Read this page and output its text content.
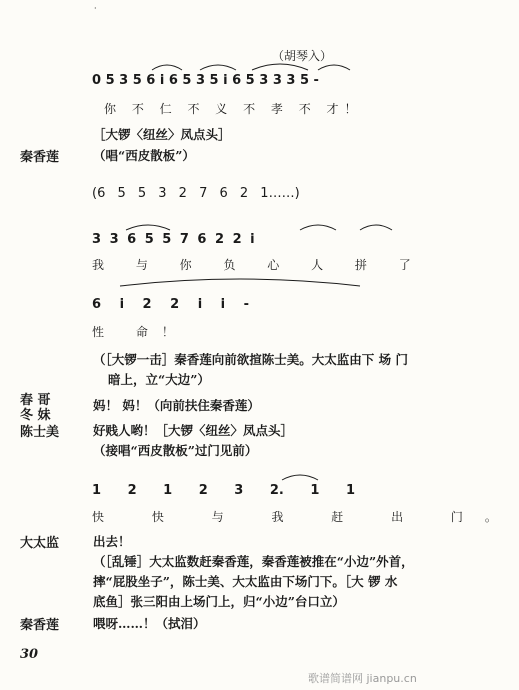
·
（胡琴入）
0 5 3 5 6 i 6 5 3 5 i 6 5 3 3 3 5 -
你 不 仁 不 义 不 孝 不 才！
［大锣〈纽丝〉凤点头］
秦香莲	（唱“西皮散板”）
(6 5 5 3 2 7 6 2 1……)
3 3 6 5 5 7 6 2 2 i
我 与 你 负 心 人 拼 了
6 i 2 2 i i -
性 命！
（［大锣一击］秦香莲向前欲揎陈士美。大太监由下 场 门
暗上，立“大边”）
春 哥
冬 妹
妈！ 妈！（向前扶住秦香莲）
陈士美	好贱人哟！［大锣〈纽丝〉凤点头］
（接唱“西皮散板”过门见前）
1 2 1 2 3 2. 1 1
快 快 与 我 赶 出 门。
大太监	出去！
（［乱锤］大太监数赶秦香莲，秦香莲被推在“小边”外首，
摔“屁股坐子”，陈士美、大太监由下场门下。［大 锣 水
底鱼］张三阳由上场门上，归“小边”台口立）
秦香莲	喂呀……！（拭泪）
30
歌谱简谱网 jianpu.cn
